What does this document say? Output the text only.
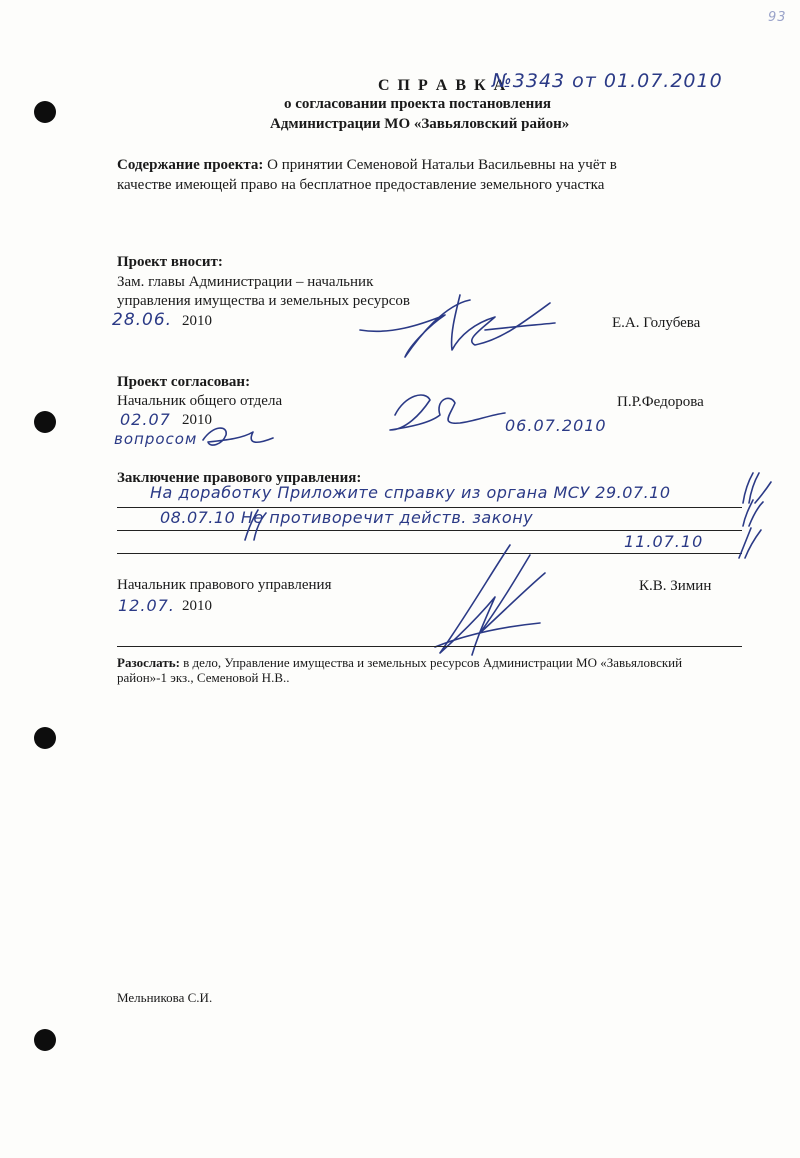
93
С П Р А В К А
№3343 от 01.07.2010
о согласовании проекта постановления
Администрации МО «Завьяловский район»
Содержание проекта: О принятии Семеновой Натальи Васильевны на учёт в
качестве имеющей право на бесплатное предоставление земельного участка
Проект вносит:
Зам. главы Администрации – начальник
управления имущества и земельных ресурсов
28.06. 2010	Е.А. Голубева
Проект согласован:
Начальник общего отдела	П.Р.Федорова
02.07 2010
вопросом
06.07.2010
Заключение правового управления:
На доработку Приложите справку из органа МСУ 29.07.10
08.07.10 Не противоречит действ. закону
11.07.10
Начальник правового управления	К.В. Зимин
12.07. 2010
Разослать: в дело, Управление имущества и земельных ресурсов Администрации МО «Завьяловский
район»-1 экз., Семеновой Н.В..
Мельникова С.И.
